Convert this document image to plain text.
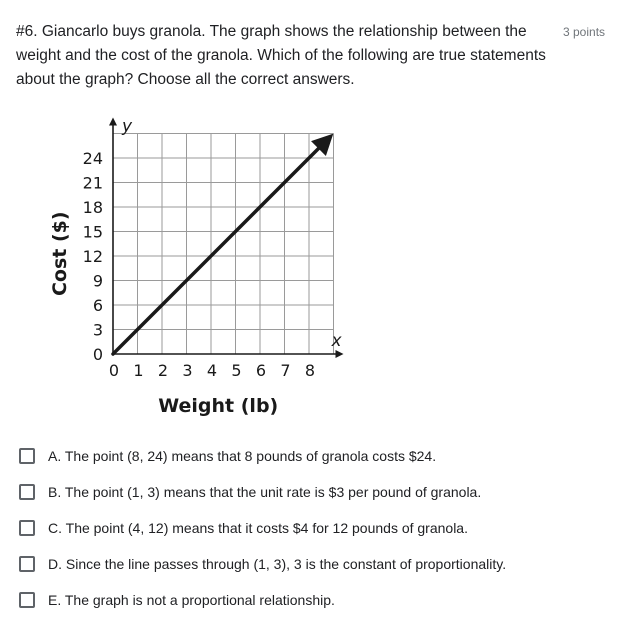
#6. Giancarlo buys granola. The graph shows the relationship between the weight and the cost of the granola. Which of the following are true statements about the graph? Choose all the correct answers.
3 points
0 1 2 3 4 5 6 7 8
0
3
6
9
12
15
18
21
24
x
y
Weight (lb)
Cost ($)
A. The point (8, 24) means that 8 pounds of granola costs $24.
B. The point (1, 3) means that the unit rate is $3 per pound of granola.
C. The point (4, 12) means that it costs $4 for 12 pounds of granola.
D. Since the line passes through (1, 3), 3 is the constant of proportionality.
E. The graph is not a proportional relationship.
